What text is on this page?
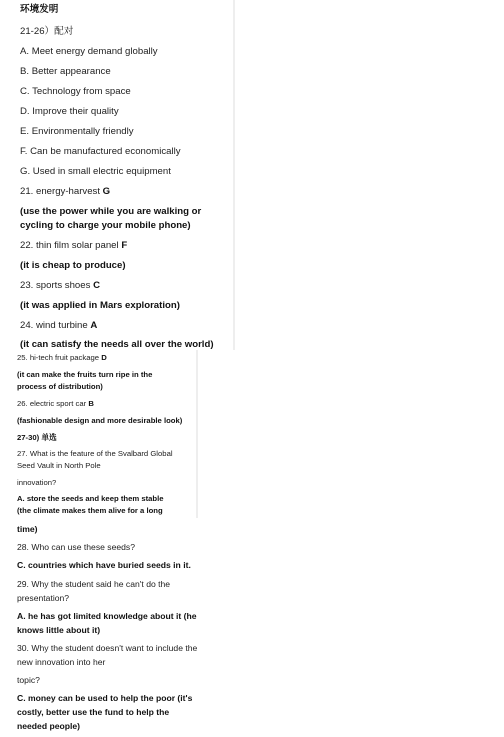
环境发明
21-26）配对
A. Meet energy demand globally
B. Better appearance
C. Technology from space
D. Improve their quality
E. Environmentally friendly
F. Can be manufactured economically
G. Used in small electric equipment
21. energy-harvest G
(use the power while you are walking or
cycling to charge your mobile phone)
22. thin film solar panel F
(it is cheap to produce)
23. sports shoes C
(it was applied in Mars exploration)
24. wind turbine A
(it can satisfy the needs all over the world)
25. hi-tech fruit package D
(it can make the fruits turn ripe in the
process of distribution)
26. electric sport car B
(fashionable design and more desirable look)
27-30) 单选
27. What is the feature of the Svalbard Global
Seed Vault in North Pole
innovation?
A. store the seeds and keep them stable
(the climate makes them alive for a long
time)
28. Who can use these seeds?
C. countries which have buried seeds in it.
29. Why the student said he can't do the
presentation?
A. he has got limited knowledge about it (he
knows little about it)
30. Why the student doesn't want to include the
new innovation into her
topic?
C. money can be used to help the poor (it's
costly, better use the fund to help the
needed people)
